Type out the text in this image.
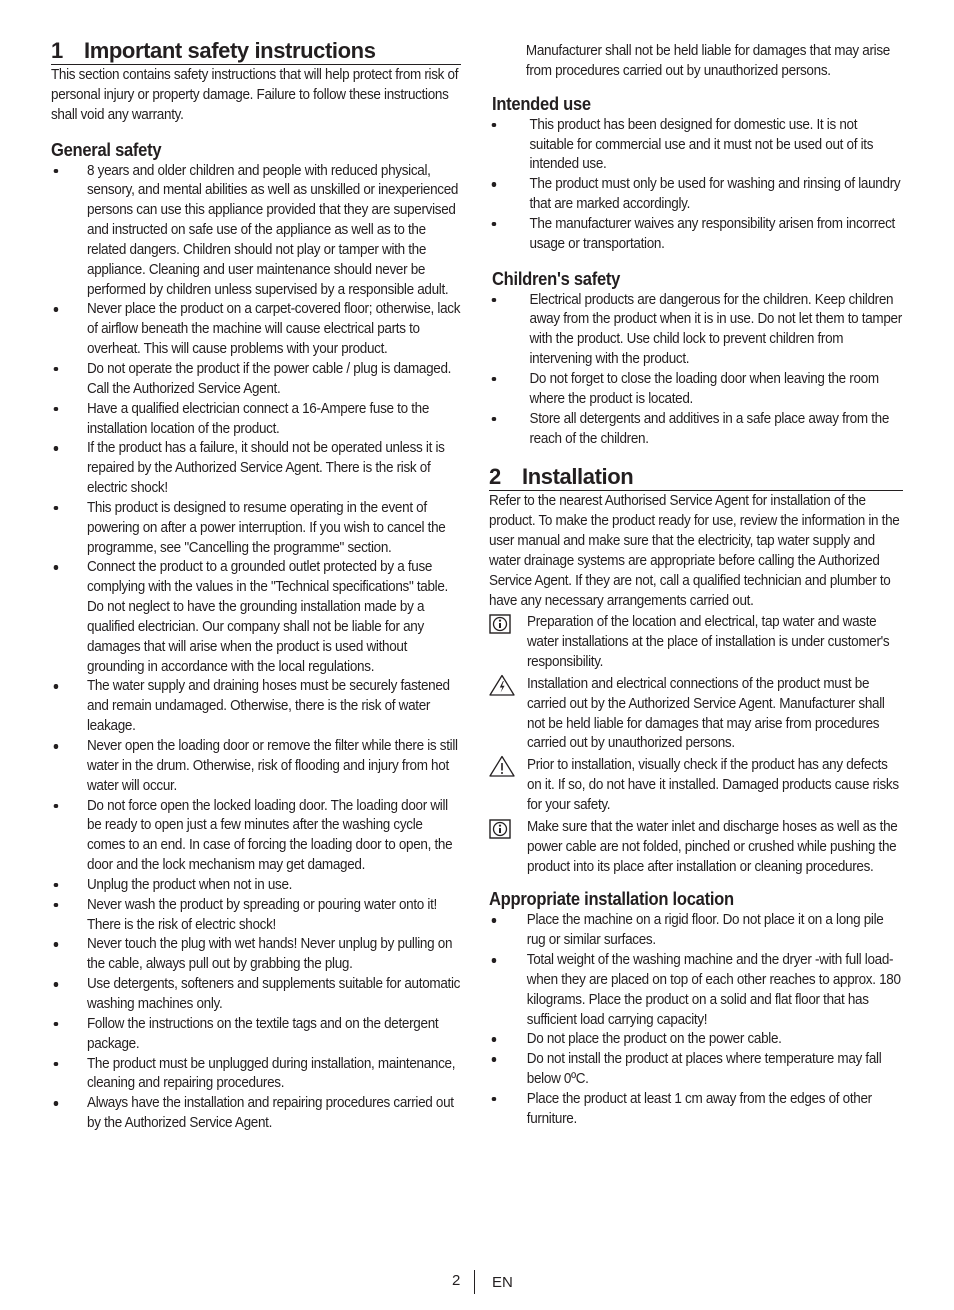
1 Important safety instructions
This section contains safety instructions that will help protect from risk of personal injury or property damage. Failure to follow these instructions shall void any warranty.
General safety
8 years and older children and people with reduced physical, sensory, and mental abilities as well as unskilled or inexperienced persons can use this appliance provided that they are supervised and instructed on safe use of the appliance as well as to the related dangers. Children should not play or tamper with the appliance. Cleaning and user maintenance should never be performed by children unless supervised by a responsible adult.
Never place the product on a carpet-covered floor; otherwise, lack of airflow beneath the machine will cause electrical parts to overheat. This will cause problems with your product.
Do not operate the product if the power cable / plug is damaged. Call the Authorized Service Agent.
Have a qualified electrician connect a 16-Ampere fuse to the installation location of the product.
If the product has a failure, it should not be operated unless it is repaired by the Authorized Service Agent. There is the risk of electric shock!
This product is designed to resume operating in the event of powering on after a power interruption. If you wish to cancel the programme, see "Cancelling the programme" section.
Connect the product to a grounded outlet protected by a fuse complying with the values in the "Technical specifications" table. Do not neglect to have the grounding installation made by a qualified electrician. Our company shall not be liable for any damages that will arise when the product is used without grounding in accordance with the local regulations.
The water supply and draining hoses must be securely fastened and remain undamaged. Otherwise, there is the risk of water leakage.
Never open the loading door or remove the filter while there is still water in the drum. Otherwise, risk of flooding and injury from hot water will occur.
Do not force open the locked loading door. The loading door will be ready to open just a few minutes after the washing cycle comes to an end. In case of forcing the loading door to open, the door and the lock mechanism may get damaged.
Unplug the product when not in use.
Never wash the product by spreading or pouring water onto it! There is the risk of electric shock!
Never touch the plug with wet hands! Never unplug by pulling on the cable, always pull out by grabbing the plug.
Use detergents, softeners and supplements suitable for automatic washing machines only.
Follow the instructions on the textile tags and on the detergent package.
The product must be unplugged during installation, maintenance, cleaning and repairing procedures.
Always have the installation and repairing procedures carried out by the Authorized Service Agent.
Manufacturer shall not be held liable for damages that may arise from procedures carried out by unauthorized persons.
Intended use
This product has been designed for domestic use. It is not suitable for commercial use and it must not be used out of its intended use.
The product must only be used for washing and rinsing of laundry that are marked accordingly.
The manufacturer waives any responsibility arisen from incorrect usage or transportation.
Children's safety
Electrical products are dangerous for the children. Keep children away from the product when it is in use. Do not let them to tamper with the product. Use child lock to prevent children from intervening with the product.
Do not forget to close the loading door when leaving the room where the product is located.
Store all detergents and additives in a safe place away from the reach of the children.
2 Installation
Refer to the nearest Authorised Service Agent for installation of the product. To make the product ready for use, review the information in the user manual and make sure that the electricity, tap water supply and water drainage systems are appropriate before calling the Authorized Service Agent. If they are not, call a qualified technician and plumber to have any necessary arrangements carried out.
Preparation of the location and electrical, tap water and waste water installations at the place of installation is under customer's responsibility.
Installation and electrical connections of the product must be carried out by the Authorized Service Agent. Manufacturer shall not be held liable for damages that may arise from procedures carried out by unauthorized persons.
Prior to installation, visually check if the product has any defects on it. If so, do not have it installed. Damaged products cause risks for your safety.
Make sure that the water inlet and discharge hoses as well as the power cable are not folded, pinched or crushed while pushing the product into its place after installation or cleaning procedures.
Appropriate installation location
Place the machine on a rigid floor. Do not place it on a long pile rug or similar surfaces.
Total weight of the washing machine and the dryer -with full load- when they are placed on top of each other reaches to approx. 180 kilograms. Place the product on a solid and flat floor that has sufficient load carrying capacity!
Do not place the product on the power cable.
Do not install the product at places where temperature may fall below 0ºC.
Place the product at least 1 cm away from the edges of other furniture.
2 EN
